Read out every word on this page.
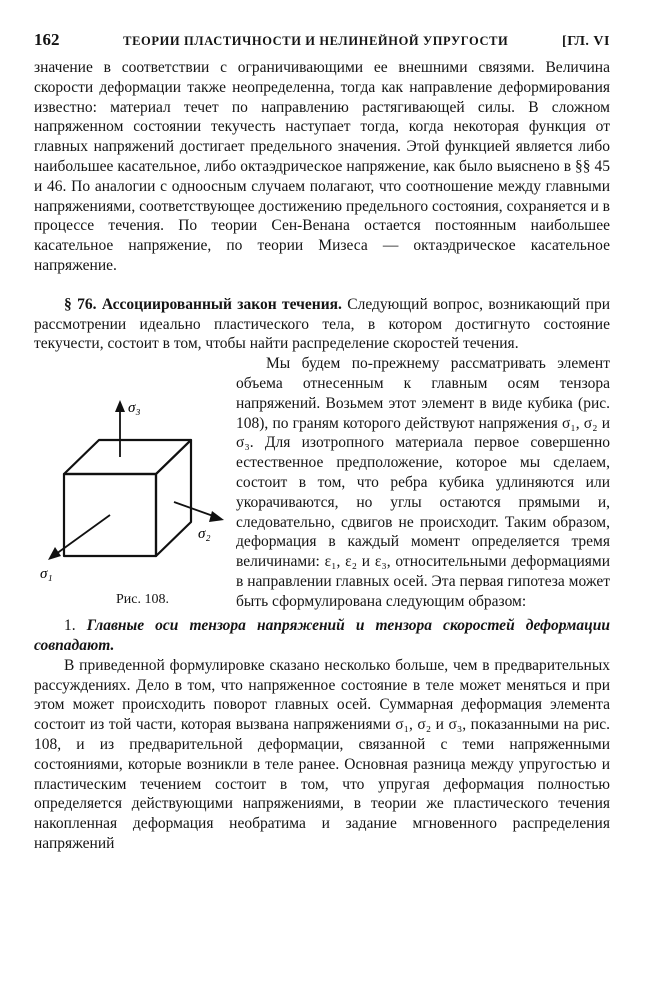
162	ТЕОРИИ ПЛАСТИЧНОСТИ И НЕЛИНЕЙНОЙ УПРУГОСТИ	[ГЛ. VI

значение в соответствии с ограничивающими ее внешними связями. Величина скорости деформации также неопределенна, тогда как направление деформирования известно: материал течет по направлению растягивающей силы. В сложном напряженном состоянии текучесть наступает тогда, когда некоторая функция от главных напряжений достигает предельного значения. Этой функцией является либо наибольшее касательное, либо октаэдрическое напряжение, как было выяснено в §§ 45 и 46. По аналогии с одноосным случаем полагают, что соотношение между главными напряжениями, соответствующее достижению предельного состояния, сохраняется и в процессе течения. По теории Сен-Венана остается постоянным наибольшее касательное напряжение, по теории Мизеса — октаэдрическое касательное напряжение.

§ 76. Ассоциированный закон течения. Следующий вопрос, возникающий при рассмотрении идеально пластического тела, в котором достигнуто состояние текучести, состоит в том, чтобы найти распределение скоростей течения.

σ₃
σ₂
σ₁
Рис. 108.
Мы будем по-прежнему рассматривать элемент объема отнесенным к главным осям тензора напряжений. Возьмем этот элемент в виде кубика (рис. 108), по граням которого действуют напряжения σ₁, σ₂ и σ₃. Для изотропного материала первое совершенно естественное предположение, которое мы сделаем, состоит в том, что ребра кубика удлиняются или укорачиваются, но углы остаются прямыми и, следовательно, сдвигов не происходит. Таким образом, деформация в каждый момент определяется тремя величинами: ε₁, ε₂ и ε₃, относительными деформациями в направлении главных осей. Эта первая гипотеза может быть сформулирована следующим образом:

1. Главные оси тензора напряжений и тензора скоростей деформации совпадают.

В приведенной формулировке сказано несколько больше, чем в предварительных рассуждениях. Дело в том, что напряженное состояние в теле может меняться и при этом может происходить поворот главных осей. Суммарная деформация элемента состоит из той части, которая вызвана напряжениями σ₁, σ₂ и σ₃, показанными на рис. 108, и из предварительной деформации, связанной с теми напряженными состояниями, которые возникли в теле ранее. Основная разница между упругостью и пластическим течением состоит в том, что упругая деформация полностью определяется действующими напряжениями, в теории же пластического течения накопленная деформация необратима и задание мгновенного распределения напряжений
